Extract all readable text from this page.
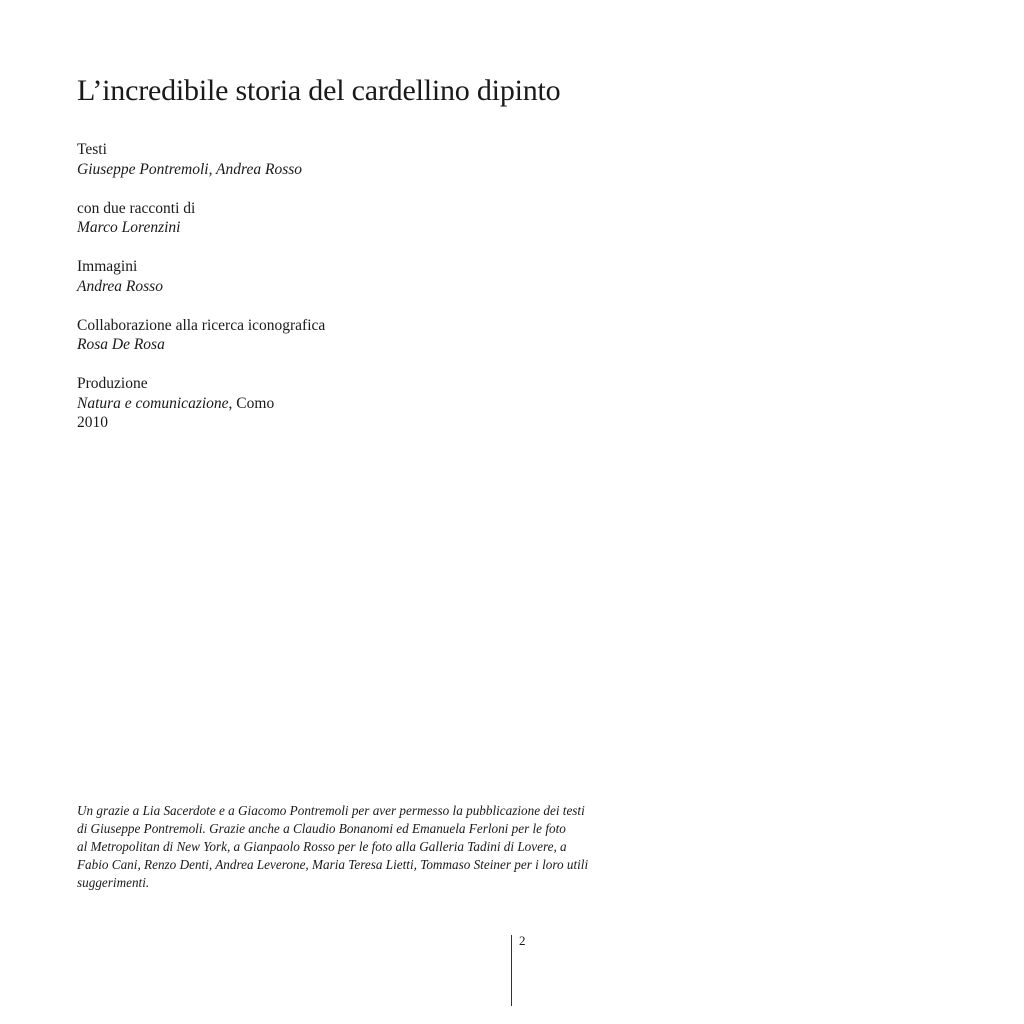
L’incredibile storia del cardellino dipinto
Testi
Giuseppe Pontremoli, Andrea Rosso
con due racconti di
Marco Lorenzini
Immagini
Andrea Rosso
Collaborazione alla ricerca iconografica
Rosa De Rosa
Produzione
Natura e comunicazione, Como
2010

Un grazie a Lia Sacerdote e a Giacomo Pontremoli per aver permesso la pubblicazione dei testi
di Giuseppe Pontremoli. Grazie anche a Claudio Bonanomi ed Emanuela Ferloni per le foto
al Metropolitan di New York, a Gianpaolo Rosso per le foto alla Galleria Tadini di Lovere, a
Fabio Cani, Renzo Denti, Andrea Leverone, Maria Teresa Lietti, Tommaso Steiner per i loro utili
suggerimenti.

2
